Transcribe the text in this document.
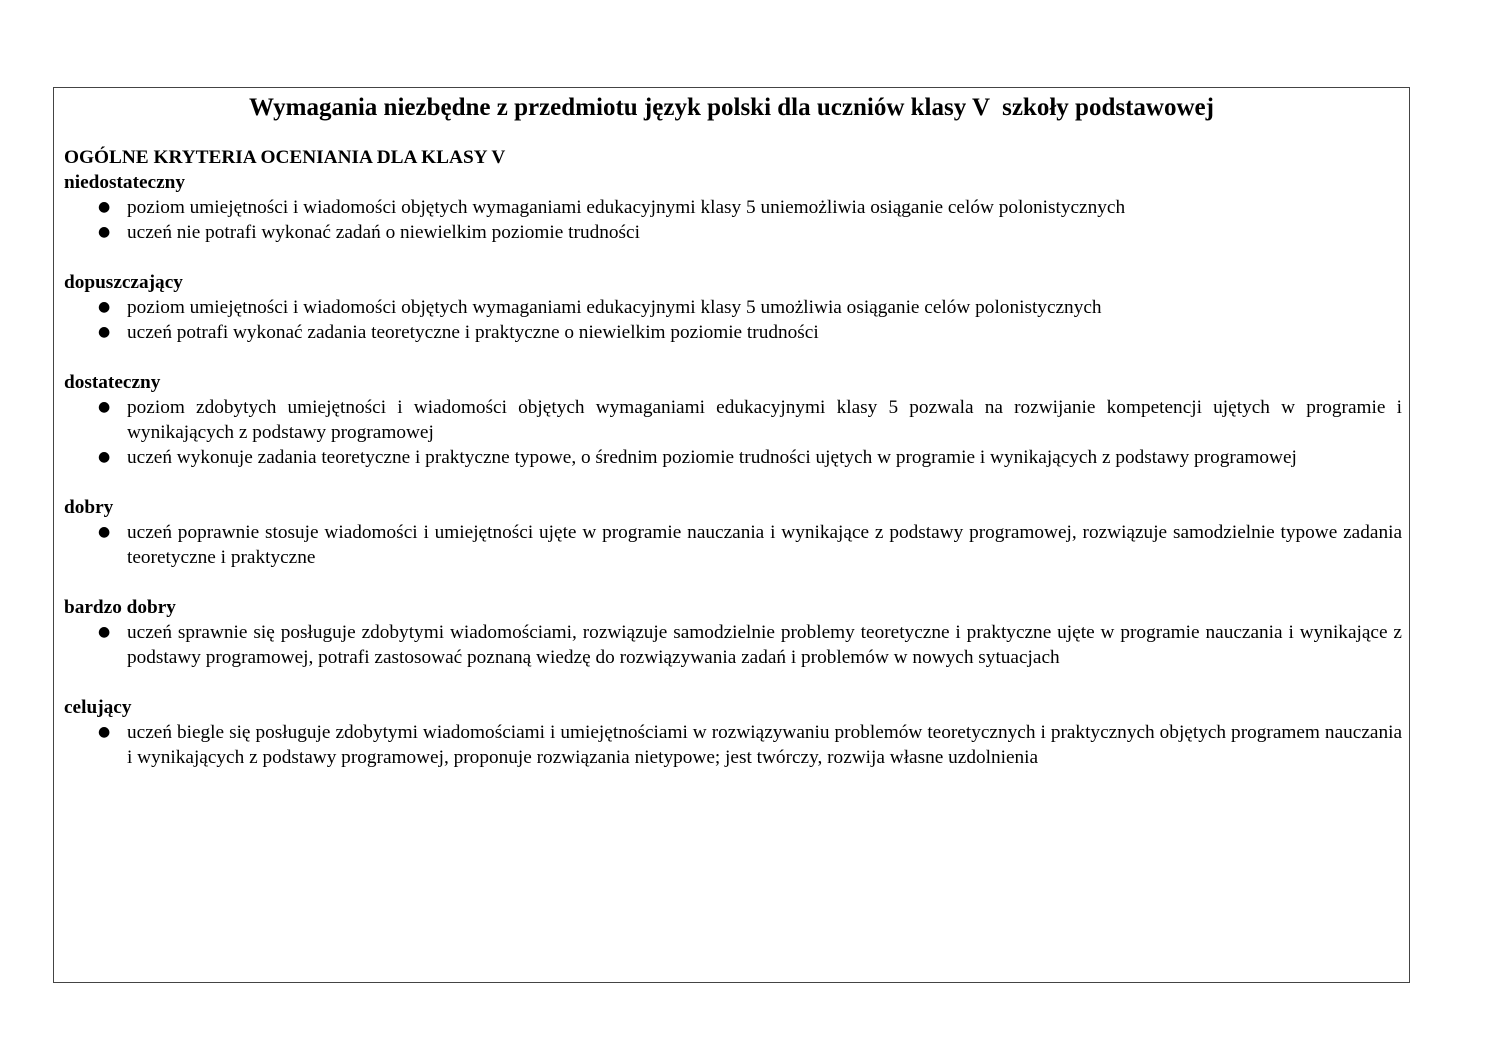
Wymagania niezbędne z przedmiotu język polski dla uczniów klasy V  szkoły podstawowej

OGÓLNE KRYTERIA OCENIANIA DLA KLASY V

niedostateczny

● poziom umiejętności i wiadomości objętych wymaganiami edukacyjnymi klasy 5 uniemożliwia osiąganie celów polonistycznych
● uczeń nie potrafi wykonać zadań o niewielkim poziomie trudności

dopuszczający

● poziom umiejętności i wiadomości objętych wymaganiami edukacyjnymi klasy 5 umożliwia osiąganie celów polonistycznych
● uczeń potrafi wykonać zadania teoretyczne i praktyczne o niewielkim poziomie trudności

dostateczny

● poziom zdobytych umiejętności i wiadomości objętych wymaganiami edukacyjnymi klasy 5 pozwala na rozwijanie kompetencji ujętych w programie i wynikających z podstawy programowej
● uczeń wykonuje zadania teoretyczne i praktyczne typowe, o średnim poziomie trudności ujętych w programie i wynikających z podstawy programowej

dobry

● uczeń poprawnie stosuje wiadomości i umiejętności ujęte w programie nauczania i wynikające z podstawy programowej, rozwiązuje samodzielnie typowe zadania teoretyczne i praktyczne

bardzo dobry

● uczeń sprawnie się posługuje zdobytymi wiadomościami, rozwiązuje samodzielnie problemy teoretyczne i praktyczne ujęte w programie nauczania i wynikające z podstawy programowej, potrafi zastosować poznaną wiedzę do rozwiązywania zadań i problemów w nowych sytuacjach

celujący

● uczeń biegle się posługuje zdobytymi wiadomościami i umiejętnościami w rozwiązywaniu problemów teoretycznych i praktycznych objętych programem nauczania i wynikających z podstawy programowej, proponuje rozwiązania nietypowe; jest twórczy, rozwija własne uzdolnienia
